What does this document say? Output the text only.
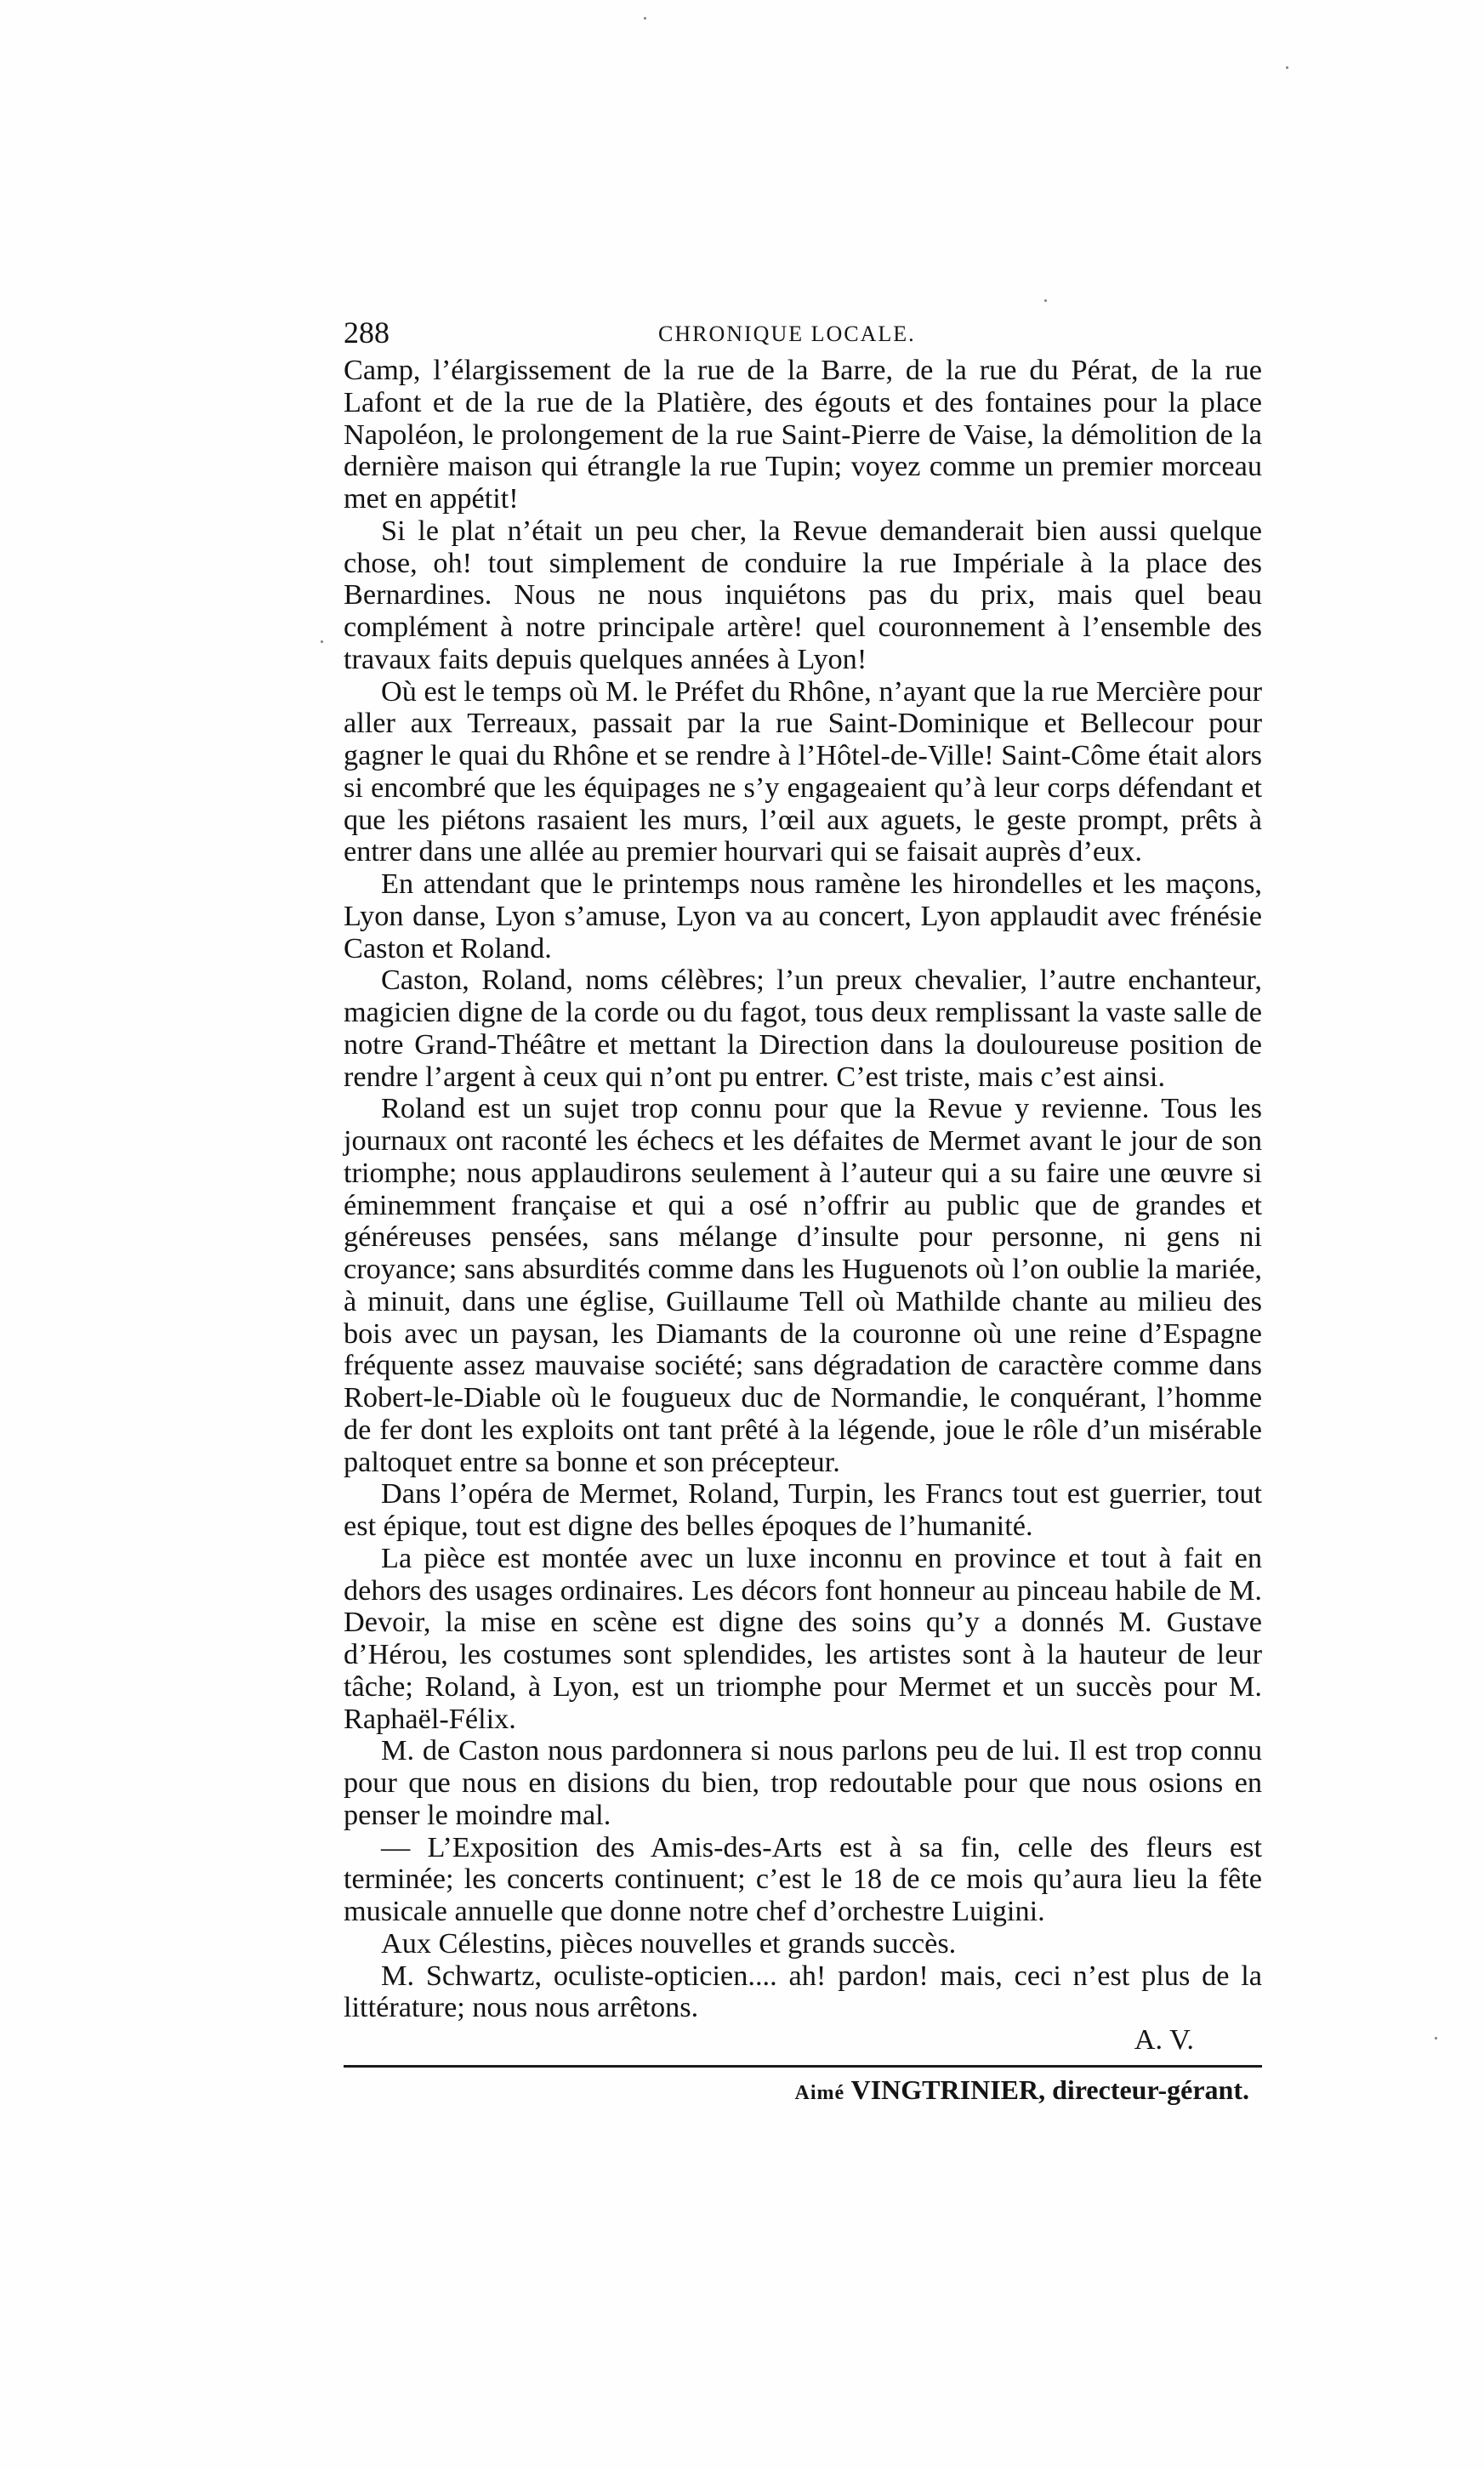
288	CHRONIQUE LOCALE.

Camp, l’élargissement de la rue de la Barre, de la rue du Pérat, de la rue Lafont et de la rue de la Platière, des égouts et des fontaines pour la place Napoléon, le prolongement de la rue Saint-Pierre de Vaise, la démolition de la dernière maison qui étrangle la rue Tupin; voyez comme un premier morceau met en appétit!

Si le plat n’était un peu cher, la Revue demanderait bien aussi quelque chose, oh! tout simplement de conduire la rue Impériale à la place des Bernardines. Nous ne nous inquiétons pas du prix, mais quel beau complément à notre principale artère! quel couronnement à l’ensemble des travaux faits depuis quelques années à Lyon!

Où est le temps où M. le Préfet du Rhône, n’ayant que la rue Mercière pour aller aux Terreaux, passait par la rue Saint-Dominique et Bellecour pour gagner le quai du Rhône et se rendre à l’Hôtel-de-Ville! Saint-Côme était alors si encombré que les équipages ne s’y engageaient qu’à leur corps défendant et que les piétons rasaient les murs, l’œil aux aguets, le geste prompt, prêts à entrer dans une allée au premier hourvari qui se faisait auprès d’eux.

En attendant que le printemps nous ramène les hirondelles et les maçons, Lyon danse, Lyon s’amuse, Lyon va au concert, Lyon applaudit avec frénésie Caston et Roland.

Caston, Roland, noms célèbres; l’un preux chevalier, l’autre enchanteur, magicien digne de la corde ou du fagot, tous deux remplissant la vaste salle de notre Grand-Théâtre et mettant la Direction dans la douloureuse position de rendre l’argent à ceux qui n’ont pu entrer. C’est triste, mais c’est ainsi.

Roland est un sujet trop connu pour que la Revue y revienne. Tous les journaux ont raconté les échecs et les défaites de Mermet avant le jour de son triomphe; nous applaudirons seulement à l’auteur qui a su faire une œuvre si éminemment française et qui a osé n’offrir au public que de grandes et généreuses pensées, sans mélange d’insulte pour personne, ni gens ni croyance; sans absurdités comme dans les Huguenots où l’on oublie la mariée, à minuit, dans une église, Guillaume Tell où Mathilde chante au milieu des bois avec un paysan, les Diamants de la couronne où une reine d’Espagne fréquente assez mauvaise société; sans dégradation de caractère comme dans Robert-le-Diable où le fougueux duc de Normandie, le conquérant, l’homme de fer dont les exploits ont tant prêté à la légende, joue le rôle d’un misérable paltoquet entre sa bonne et son précepteur.

Dans l’opéra de Mermet, Roland, Turpin, les Francs tout est guerrier, tout est épique, tout est digne des belles époques de l’humanité.

La pièce est montée avec un luxe inconnu en province et tout à fait en dehors des usages ordinaires. Les décors font honneur au pinceau habile de M. Devoir, la mise en scène est digne des soins qu’y a donnés M. Gustave d’Hérou, les costumes sont splendides, les artistes sont à la hauteur de leur tâche; Roland, à Lyon, est un triomphe pour Mermet et un succès pour M. Raphaël-Félix.

M. de Caston nous pardonnera si nous parlons peu de lui. Il est trop connu pour que nous en disions du bien, trop redoutable pour que nous osions en penser le moindre mal.

— L’Exposition des Amis-des-Arts est à sa fin, celle des fleurs est terminée; les concerts continuent; c’est le 18 de ce mois qu’aura lieu la fête musicale annuelle que donne notre chef d’orchestre Luigini.

Aux Célestins, pièces nouvelles et grands succès.

M. Schwartz, oculiste-opticien.... ah! pardon! mais, ceci n’est plus de la littérature; nous nous arrêtons.

A. V.
Aimé VINGTRINIER, directeur-gérant.
